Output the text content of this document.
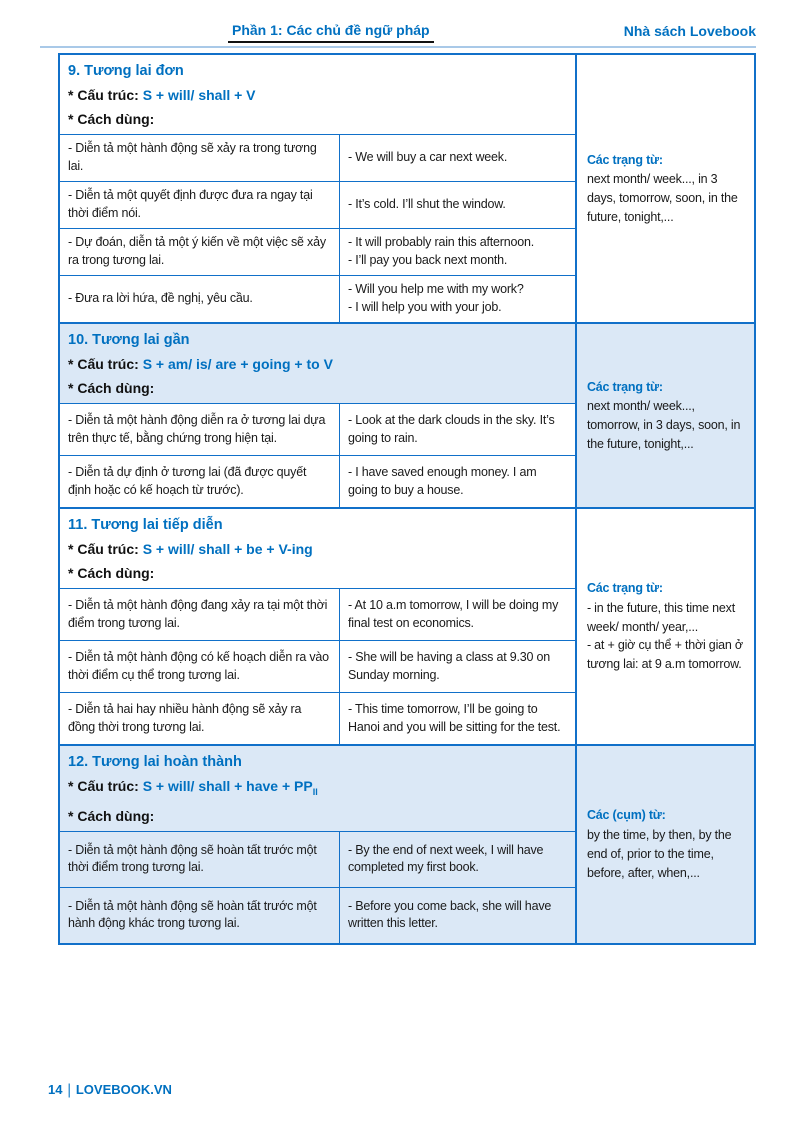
Phần 1: Các chủ đề ngữ pháp	Nhà sách Lovebook
9. Tương lai đơn
* Cấu trúc: S + will/ shall + V
* Cách dùng:
- Diễn tả một hành động sẽ xảy ra trong tương lai.
- We will buy a car next week.
- Diễn tả một quyết định được đưa ra ngay tại thời điểm nói.
- It’s cold. I’ll shut the window.
- Dự đoán, diễn tả một ý kiến về một việc sẽ xảy ra trong tương lai.
- It will probably rain this afternoon.
- I’ll pay you back next month.
- Đưa ra lời hứa, đề nghị, yêu cầu.
- Will you help me with my work?
- I will help you with your job.
Các trạng từ:
next month/ week..., in 3 days, tomorrow, soon, in the future, tonight,...
10. Tương lai gần
* Cấu trúc: S + am/ is/ are + going + to V
* Cách dùng:
- Diễn tả một hành động diễn ra ở tương lai dựa trên thực tế, bằng chứng trong hiện tại.
- Look at the dark clouds in the sky. It’s going to rain.
- Diễn tả dự định ở tương lai (đã được quyết định hoặc có kế hoạch từ trước).
- I have saved enough money. I am going to buy a house.
Các trạng từ:
next month/ week..., tomorrow, in 3 days, soon, in the future, tonight,...
11. Tương lai tiếp diễn
* Cấu trúc: S + will/ shall + be + V-ing
* Cách dùng:
- Diễn tả một hành động đang xảy ra tại một thời điểm trong tương lai.
- At 10 a.m tomorrow, I will be doing my final test on economics.
- Diễn tả một hành động có kế hoạch diễn ra vào thời điểm cụ thể trong tương lai.
- She will be having a class at 9.30 on Sunday morning.
- Diễn tả hai hay nhiều hành động sẽ xảy ra đồng thời trong tương lai.
- This time tomorrow, I’ll be going to Hanoi and you will be sitting for the test.
Các trạng từ:
- in the future, this time next week/ month/ year,...
- at + giờ cụ thể + thời gian ở tương lai: at 9 a.m tomorrow.
12. Tương lai hoàn thành
* Cấu trúc: S + will/ shall + have + $PP_{II}$
* Cách dùng:
- Diễn tả một hành động sẽ hoàn tất trước một thời điểm trong tương lai.
- By the end of next week, I will have completed my first book.
- Diễn tả một hành động sẽ hoàn tất trước một hành động khác trong tương lai.
- Before you come back, she will have written this letter.
Các (cụm) từ:
by the time, by then, by the end of, prior to the time, before, after, when,...
14 | LOVEBOOK.VN
